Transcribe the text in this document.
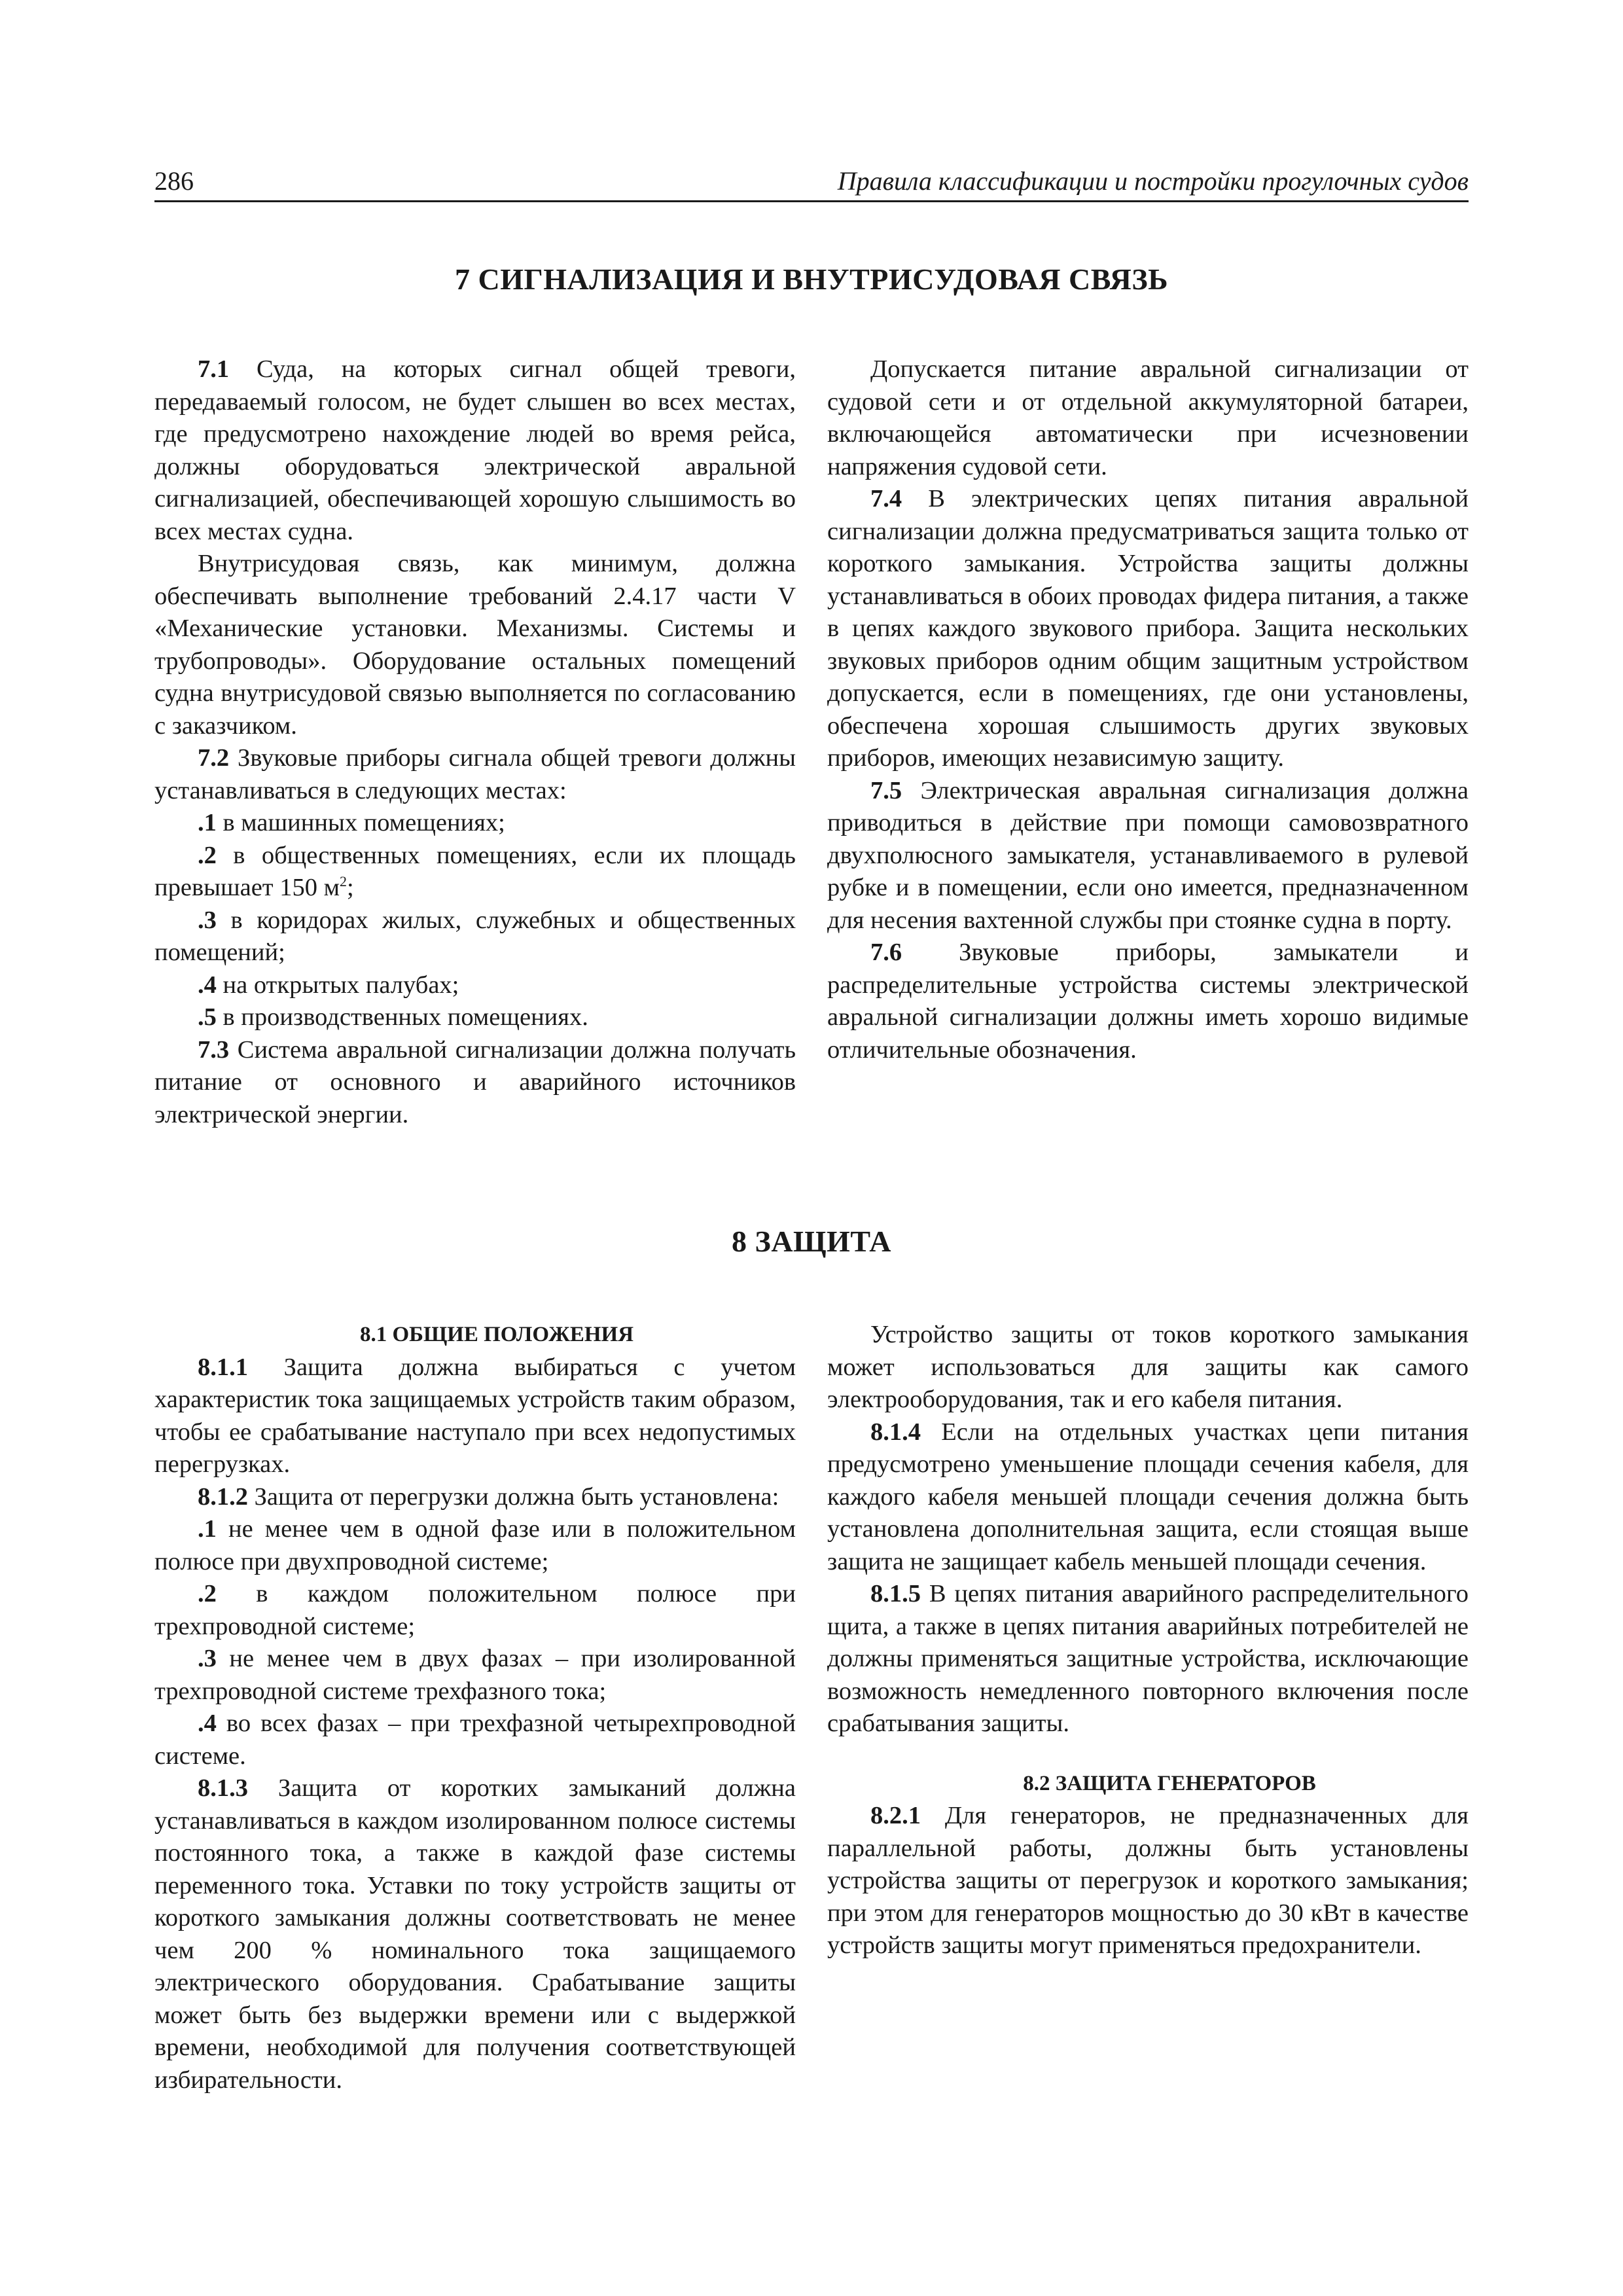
286	Правила классификации и постройки прогулочных судов
7 СИГНАЛИЗАЦИЯ И ВНУТРИСУДОВАЯ СВЯЗЬ

7.1 Суда, на которых сигнал общей тревоги, передаваемый голосом, не будет слышен во всех местах, где предусмотрено нахождение людей во время рейса, должны оборудоваться электрической авральной сигнализацией, обеспечивающей хорошую слышимость во всех местах судна.

Внутрисудовая связь, как минимум, должна обеспечивать выполнение требований 2.4.17 части V «Механические установки. Механизмы. Системы и трубопроводы». Оборудование остальных помещений судна внутрисудовой связью выполняется по согласованию с заказчиком.

7.2 Звуковые приборы сигнала общей тревоги должны устанавливаться в следующих местах:

.1 в машинных помещениях;

.2 в общественных помещениях, если их площадь превышает 150 $м^2$;

.3 в коридорах жилых, служебных и общественных помещений;

.4 на открытых палубах;

.5 в производственных помещениях.

7.3 Система авральной сигнализации должна получать питание от основного и аварийного источников электрической энергии.

Допускается питание авральной сигнализации от судовой сети и от отдельной аккумуляторной батареи, включающейся автоматически при исчезновении напряжения судовой сети.

7.4 В электрических цепях питания авральной сигнализации должна предусматриваться защита только от короткого замыкания. Устройства защиты должны устанавливаться в обоих проводах фидера питания, а также в цепях каждого звукового прибора. Защита нескольких звуковых приборов одним общим защитным устройством допускается, если в помещениях, где они установлены, обеспечена хорошая слышимость других звуковых приборов, имеющих независимую защиту.

7.5 Электрическая авральная сигнализация должна приводиться в действие при помощи самовозвратного двухполюсного замыкателя, устанавливаемого в рулевой рубке и в помещении, если оно имеется, предназначенном для несения вахтенной службы при стоянке судна в порту.

7.6 Звуковые приборы, замыкатели и распределительные устройства системы электрической авральной сигнализации должны иметь хорошо видимые отличительные обозначения.

8 ЗАЩИТА

8.1 ОБЩИЕ ПОЛОЖЕНИЯ

8.1.1 Защита должна выбираться с учетом характеристик тока защищаемых устройств таким образом, чтобы ее срабатывание наступало при всех недопустимых перегрузках.

8.1.2 Защита от перегрузки должна быть установлена:

.1 не менее чем в одной фазе или в положительном полюсе при двухпроводной системе;

.2 в каждом положительном полюсе при трехпроводной системе;

.3 не менее чем в двух фазах – при изолированной трехпроводной системе трехфазного тока;

.4 во всех фазах – при трехфазной четырехпроводной системе.

8.1.3 Защита от коротких замыканий должна устанавливаться в каждом изолированном полюсе системы постоянного тока, а также в каждой фазе системы переменного тока. Уставки по току устройств защиты от короткого замыкания должны соответствовать не менее чем 200 % номинального тока защищаемого электрического оборудования. Срабатывание защиты может быть без выдержки времени или с выдержкой времени, необходимой для получения соответствующей избирательности.

Устройство защиты от токов короткого замыкания может использоваться для защиты как самого электрооборудования, так и его кабеля питания.

8.1.4 Если на отдельных участках цепи питания предусмотрено уменьшение площади сечения кабеля, для каждого кабеля меньшей площади сечения должна быть установлена дополнительная защита, если стоящая выше защита не защищает кабель меньшей площади сечения.

8.1.5 В цепях питания аварийного распределительного щита, а также в цепях питания аварийных потребителей не должны применяться защитные устройства, исключающие возможность немедленного повторного включения после срабатывания защиты.

8.2 ЗАЩИТА ГЕНЕРАТОРОВ

8.2.1 Для генераторов, не предназначенных для параллельной работы, должны быть установлены устройства защиты от перегрузок и короткого замыкания; при этом для генераторов мощностью до 30 кВт в качестве устройств защиты могут применяться предохранители.
